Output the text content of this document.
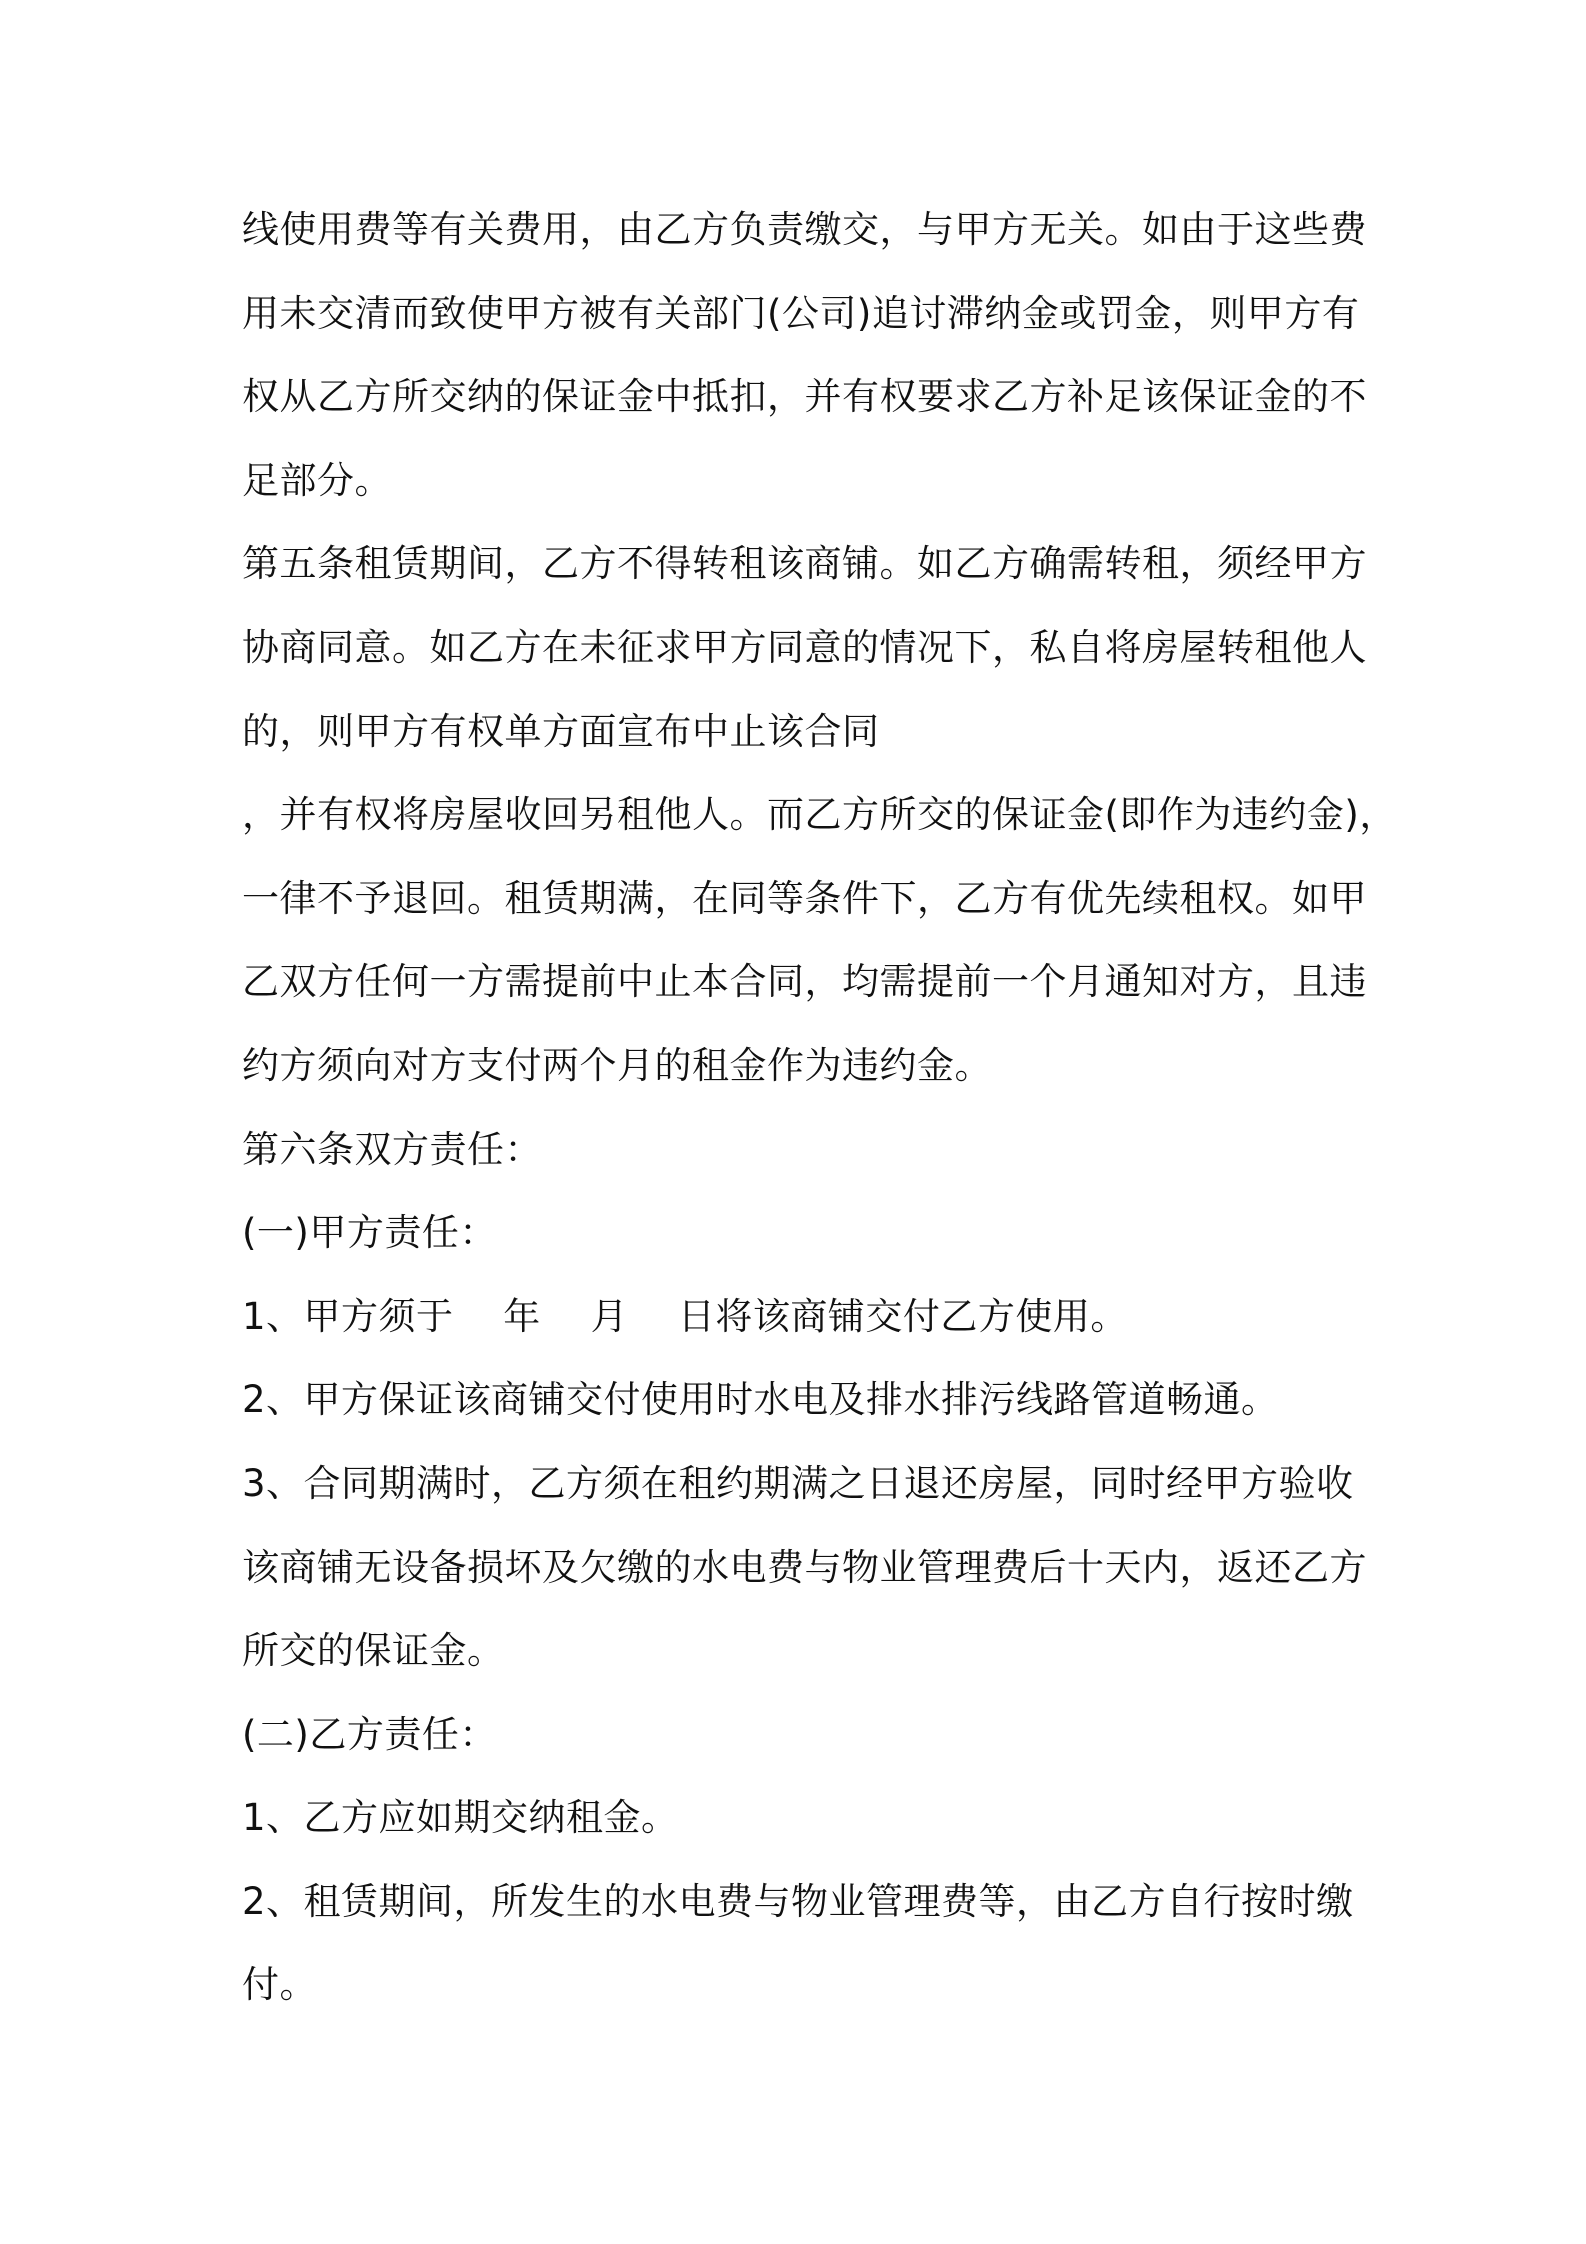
线使用费等有关费用，由乙方负责缴交，与甲方无关。如由于这些费
用未交清而致使甲方被有关部门(公司)追讨滞纳金或罚金，则甲方有
权从乙方所交纳的保证金中抵扣，并有权要求乙方补足该保证金的不
足部分。
第五条租赁期间，乙方不得转租该商铺。如乙方确需转租，须经甲方
协商同意。如乙方在未征求甲方同意的情况下，私自将房屋转租他人
的，则甲方有权单方面宣布中止该合同
，并有权将房屋收回另租他人。而乙方所交的保证金(即作为违约金)，
一律不予退回。租赁期满，在同等条件下，乙方有优先续租权。如甲
乙双方任何一方需提前中止本合同，均需提前一个月通知对方，且违
约方须向对方支付两个月的租金作为违约金。
第六条双方责任：
(一)甲方责任：
1、甲方须于　 年　 月　 日将该商铺交付乙方使用。
2、甲方保证该商铺交付使用时水电及排水排污线路管道畅通。
3、合同期满时，乙方须在租约期满之日退还房屋，同时经甲方验收
该商铺无设备损坏及欠缴的水电费与物业管理费后十天内，返还乙方
所交的保证金。
(二)乙方责任：
1、乙方应如期交纳租金。
2、租赁期间，所发生的水电费与物业管理费等，由乙方自行按时缴
付。
